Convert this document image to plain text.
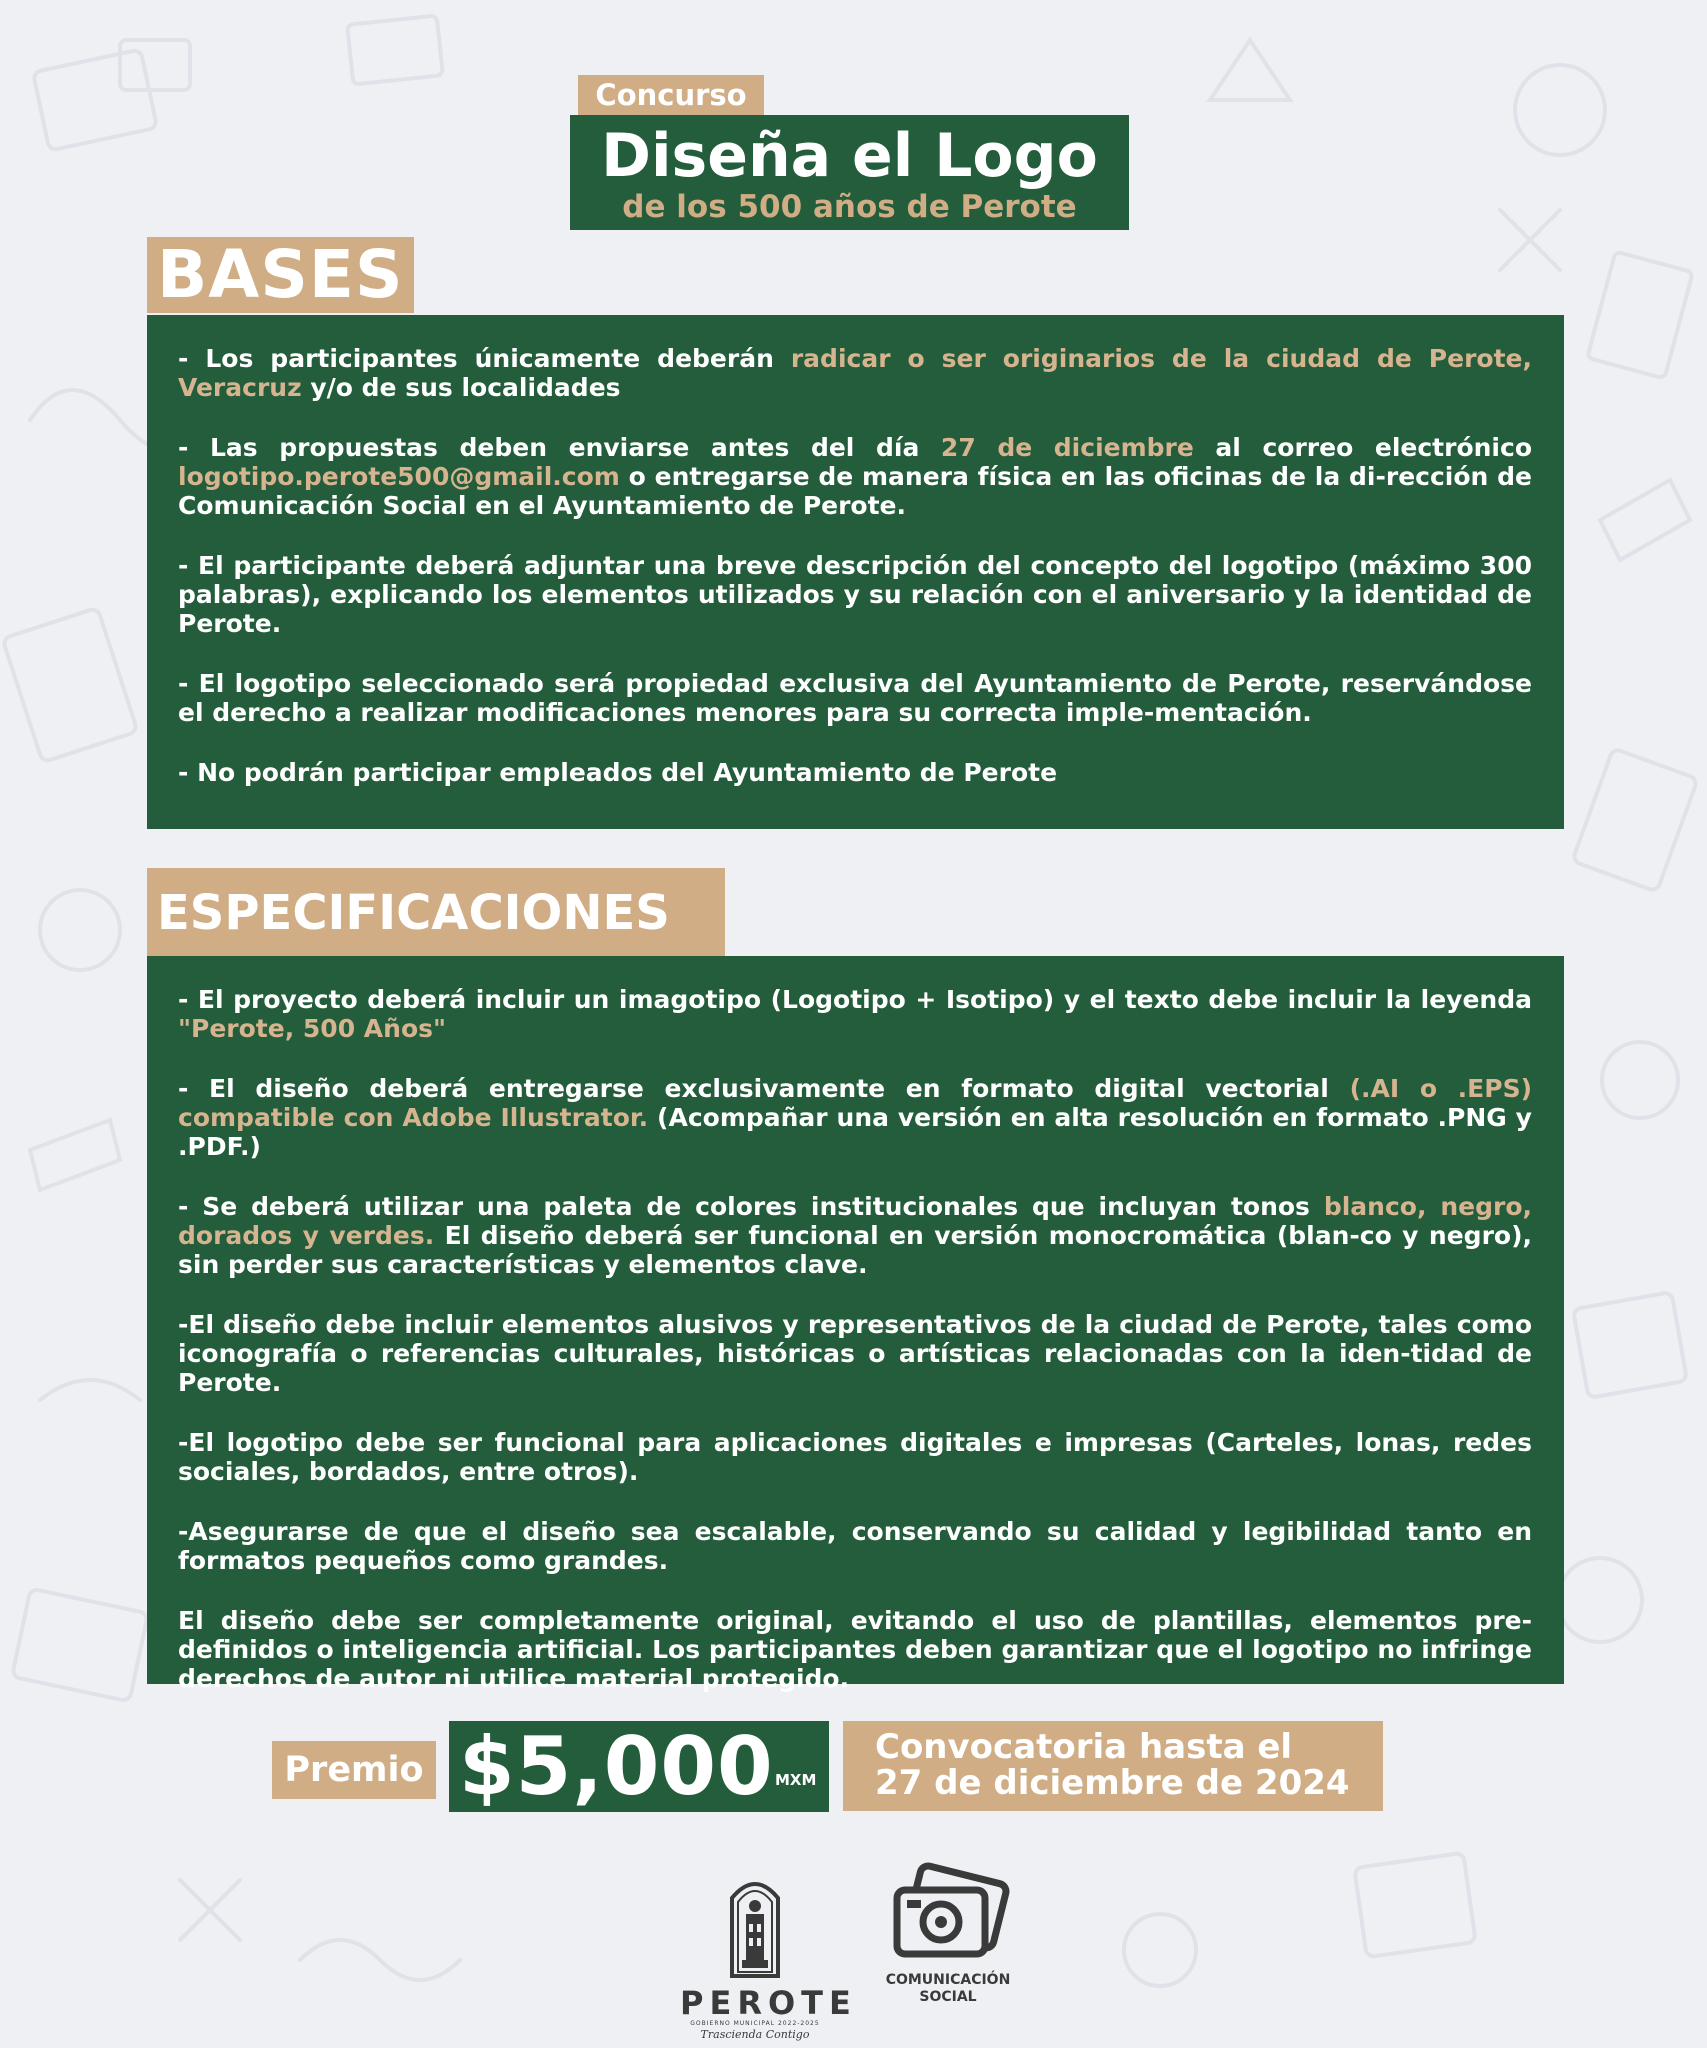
Concurso
Diseña el Logo
de los 500 años de Perote
BASES

- Los participantes únicamente deberán radicar o ser originarios de la ciudad de Perote, Veracruz y/o de sus localidades

- Las propuestas deben enviarse antes del día 27 de diciembre al correo electrónico logotipo.perote500@gmail.com o entregarse de manera física en las oficinas de la di-rección de Comunicación Social en el Ayuntamiento de Perote.

- El participante deberá adjuntar una breve descripción del concepto del logotipo (máximo 300 palabras), explicando los elementos utilizados y su relación con el aniversario y la identidad de Perote.

- El logotipo seleccionado será propiedad exclusiva del Ayuntamiento de Perote, reservándose el derecho a realizar modificaciones menores para su correcta imple-mentación.

- No podrán participar empleados del Ayuntamiento de Perote

ESPECIFICACIONES

- El proyecto deberá incluir un imagotipo (Logotipo + Isotipo) y el texto debe incluir la leyenda "Perote, 500 Años"

- El diseño deberá entregarse exclusivamente en formato digital vectorial (.AI o .EPS) compatible con Adobe Illustrator. (Acompañar una versión en alta resolución en formato .PNG y .PDF.)

- Se deberá utilizar una paleta de colores institucionales que incluyan tonos blanco, negro, dorados y verdes. El diseño deberá ser funcional en versión monocromática (blan-co y negro), sin perder sus características y elementos clave.

-El diseño debe incluir elementos alusivos y representativos de la ciudad de Perote, tales como iconografía o referencias culturales, históricas o artísticas relacionadas con la iden-tidad de Perote.

-El logotipo debe ser funcional para aplicaciones digitales e impresas (Carteles, lonas, redes sociales, bordados, entre otros).

-Asegurarse de que el diseño sea escalable, conservando su calidad y legibilidad tanto en formatos pequeños como grandes.

El diseño debe ser completamente original, evitando el uso de plantillas, elementos pre-definidos o inteligencia artificial. Los participantes deben garantizar que el logotipo no infringe derechos de autor ni utilice material protegido.

Premio $5,000 MXM
Convocatoria hasta el
27 de diciembre de 2024
PEROTE
GOBIERNO MUNICIPAL 2022-2025
Trascienda Contigo
COMUNICACIÓN
SOCIAL
